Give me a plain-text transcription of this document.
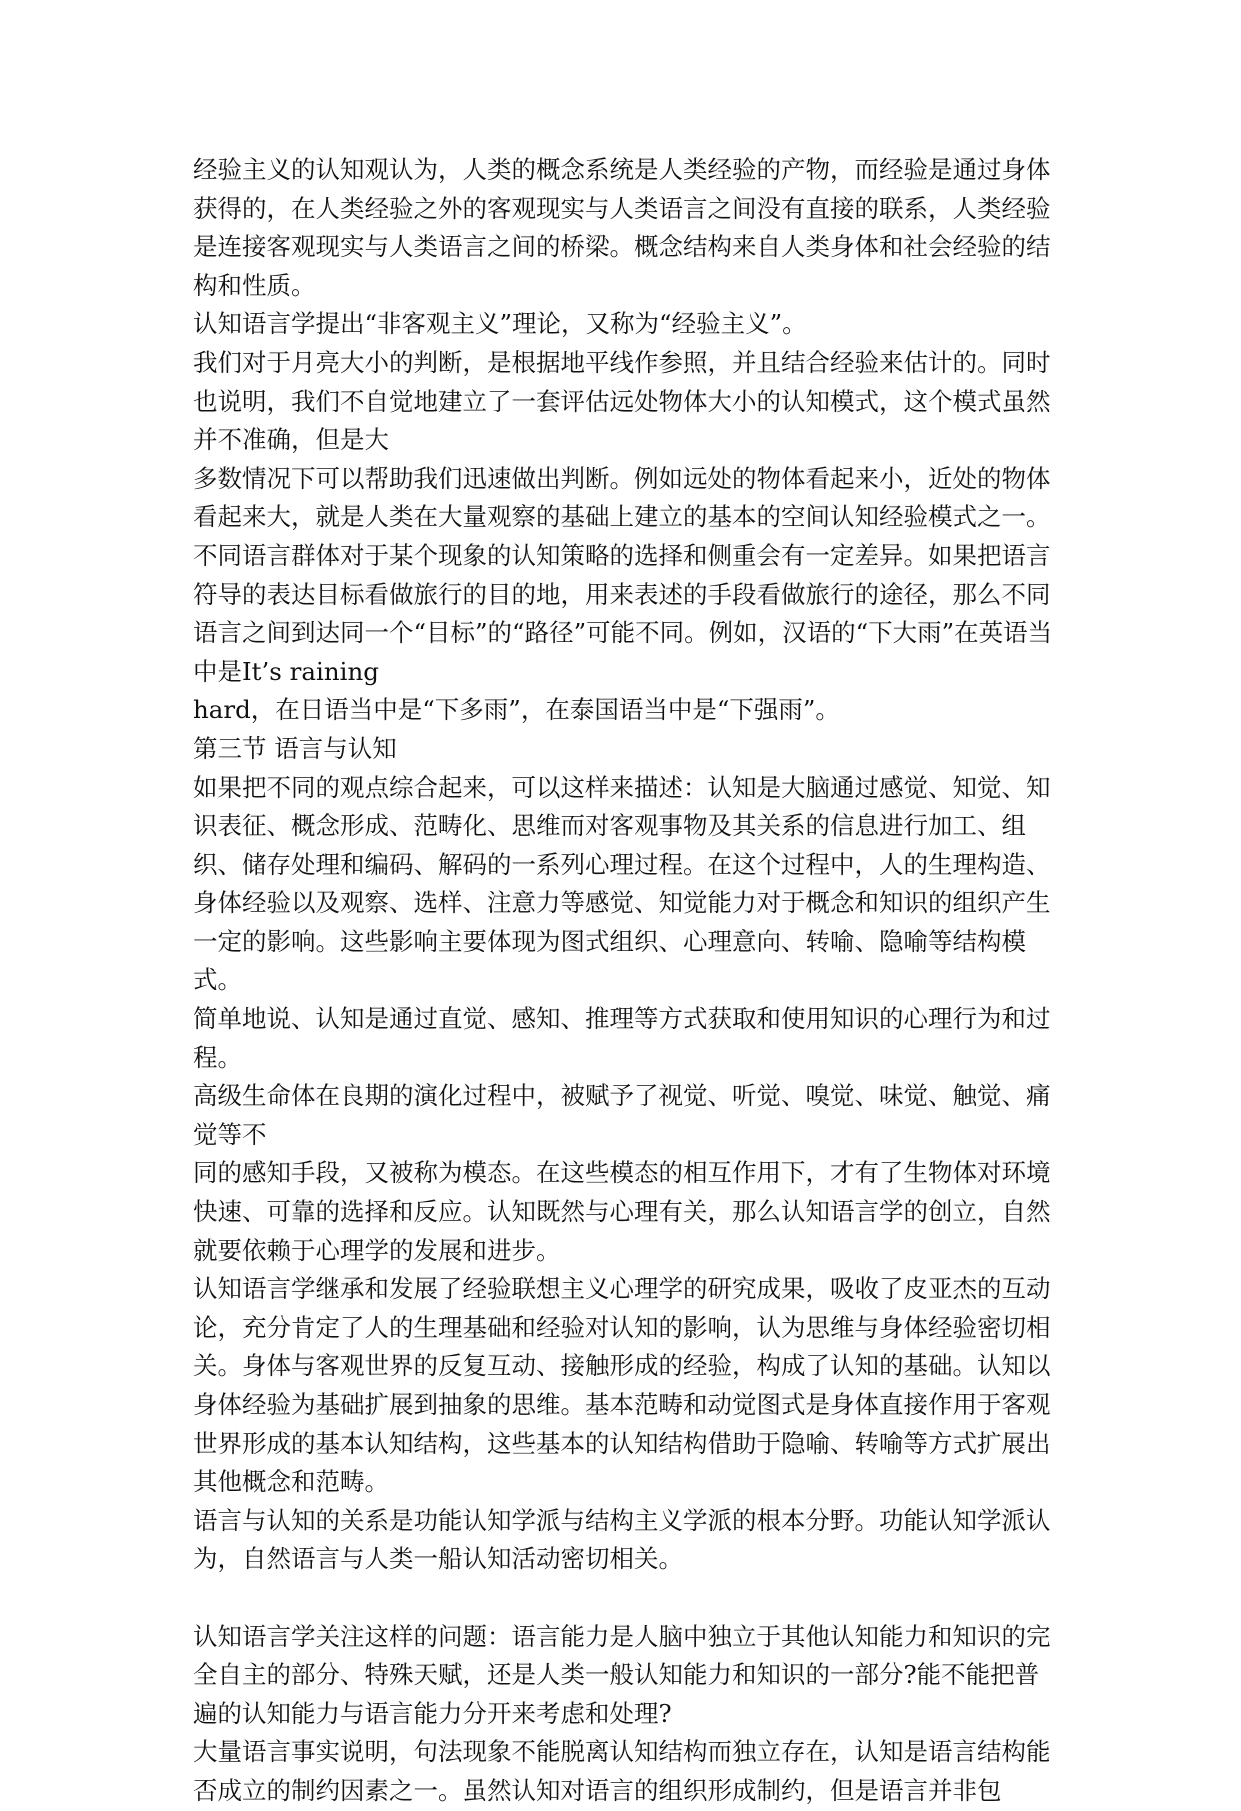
经验主义的认知观认为，人类的概念系统是人类经验的产物，而经验是通过身体获得的，在人类经验之外的客观现实与人类语言之间没有直接的联系，人类经验是连接客观现实与人类语言之间的桥梁。概念结构来自人类身体和社会经验的结构和性质。

认知语言学提出“非客观主义”理论，又称为“经验主义”。

我们对于月亮大小的判断，是根据地平线作参照，并且结合经验来估计的。同时也说明，我们不自觉地建立了一套评估远处物体大小的认知模式，这个模式虽然并不准确，但是大

多数情况下可以帮助我们迅速做出判断。例如远处的物体看起来小，近处的物体看起来大，就是人类在大量观察的基础上建立的基本的空间认知经验模式之一。

不同语言群体对于某个现象的认知策略的选择和侧重会有一定差异。如果把语言符导的表达目标看做旅行的目的地，用来表述的手段看做旅行的途径，那么不同语言之间到达同一个“目标”的“路径”可能不同。例如，汉语的“下大雨”在英语当中是It’s raining

hard，在日语当中是“下多雨”，在泰国语当中是“下强雨”。

第三节 语言与认知

如果把不同的观点综合起来，可以这样来描述：认知是大脑通过感觉、知觉、知识表征、概念形成、范畴化、思维而对客观事物及其关系的信息进行加工、组织、储存处理和编码、解码的一系列心理过程。在这个过程中，人的生理构造、身体经验以及观察、选样、注意力等感觉、知觉能力对于概念和知识的组织产生一定的影响。这些影响主要体现为图式组织、心理意向、转喻、隐喻等结构模式。

简单地说、认知是通过直觉、感知、推理等方式获取和使用知识的心理行为和过程。

高级生命体在良期的演化过程中，被赋予了视觉、听觉、嗅觉、味觉、触觉、痛觉等不

同的感知手段，又被称为模态。在这些模态的相互作用下，才有了生物体对环境快速、可靠的选择和反应。认知既然与心理有关，那么认知语言学的创立，自然就要依赖于心理学的发展和进步。

认知语言学继承和发展了经验联想主义心理学的研究成果，吸收了皮亚杰的互动论，充分肯定了人的生理基础和经验对认知的影响，认为思维与身体经验密切相关。身体与客观世界的反复互动、接触形成的经验，构成了认知的基础。认知以身体经验为基础扩展到抽象的思维。基本范畴和动觉图式是身体直接作用于客观世界形成的基本认知结构，这些基本的认知结构借助于隐喻、转喻等方式扩展出其他概念和范畴。

语言与认知的关系是功能认知学派与结构主义学派的根本分野。功能认知学派认为，自然语言与人类一船认知活动密切相关。

认知语言学关注这样的问题：语言能力是人脑中独立于其他认知能力和知识的完全自主的部分、特殊天赋，还是人类一般认知能力和知识的一部分?能不能把普遍的认知能力与语言能力分开来考虑和处理?

大量语言事实说明，句法现象不能脱离认知结构而独立存在，认知是语言结构能否成立的制约因素之一。虽然认知对语言的组织形成制约，但是语言并非包
